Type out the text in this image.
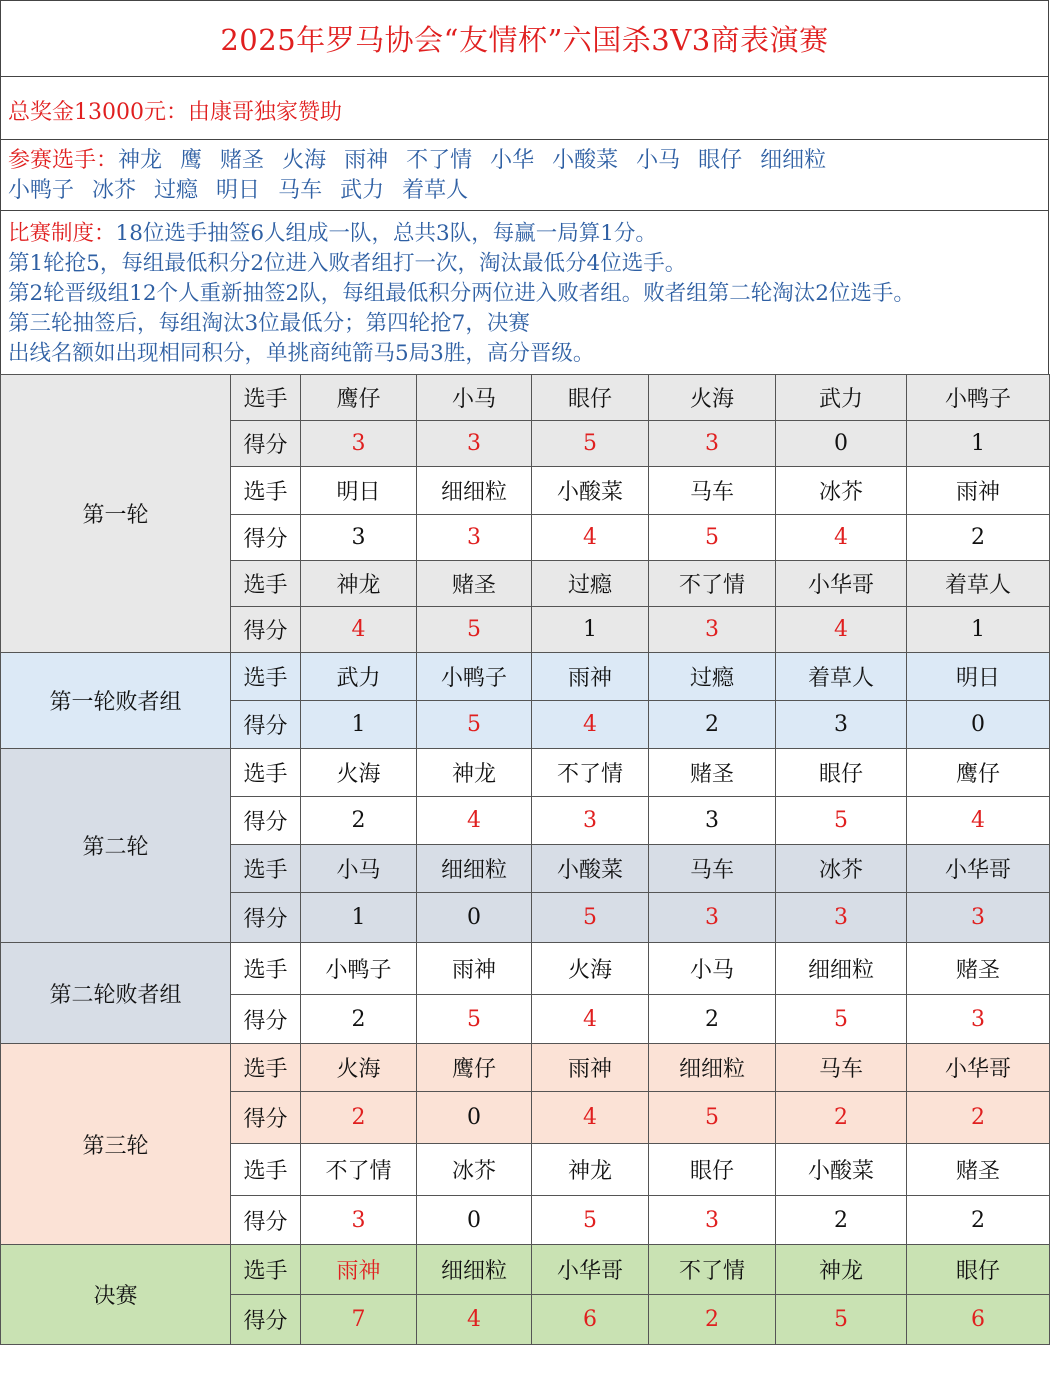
2025年罗马协会“友情杯”六国杀3V3商表演赛
总奖金13000元：由康哥独家赞助
参赛选手：神龙 鹰 赌圣 火海 雨神 不了情 小华 小酸菜 小马 眼仔 细细粒
小鸭子 冰芥 过瘾 明日 马车 武力 着草人
比赛制度：18位选手抽签6人组成一队，总共3队，每赢一局算1分。
第1轮抢5，每组最低积分2位进入败者组打一次，淘汰最低分4位选手。
第2轮晋级组12个人重新抽签2队，每组最低积分两位进入败者组。败者组第二轮淘汰2位选手。
第三轮抽签后，每组淘汰3位最低分；第四轮抢7，决赛
出线名额如出现相同积分，单挑商纯箭马5局3胜，高分晋级。
第一轮	选手	鹰仔	小马	眼仔	火海	武力	小鸭子
	得分	3	3	5	3	0	1
	选手	明日	细细粒	小酸菜	马车	冰芥	雨神
	得分	3	3	4	5	4	2
	选手	神龙	赌圣	过瘾	不了情	小华哥	着草人
	得分	4	5	1	3	4	1
第一轮败者组	选手	武力	小鸭子	雨神	过瘾	着草人	明日
	得分	1	5	4	2	3	0
第二轮	选手	火海	神龙	不了情	赌圣	眼仔	鹰仔
	得分	2	4	3	3	5	4
	选手	小马	细细粒	小酸菜	马车	冰芥	小华哥
	得分	1	0	5	3	3	3
第二轮败者组	选手	小鸭子	雨神	火海	小马	细细粒	赌圣
	得分	2	5	4	2	5	3
第三轮	选手	火海	鹰仔	雨神	细细粒	马车	小华哥
	得分	2	0	4	5	2	2
	选手	不了情	冰芥	神龙	眼仔	小酸菜	赌圣
	得分	3	0	5	3	2	2
决赛	选手	雨神	细细粒	小华哥	不了情	神龙	眼仔
	得分	7	4	6	2	5	6
